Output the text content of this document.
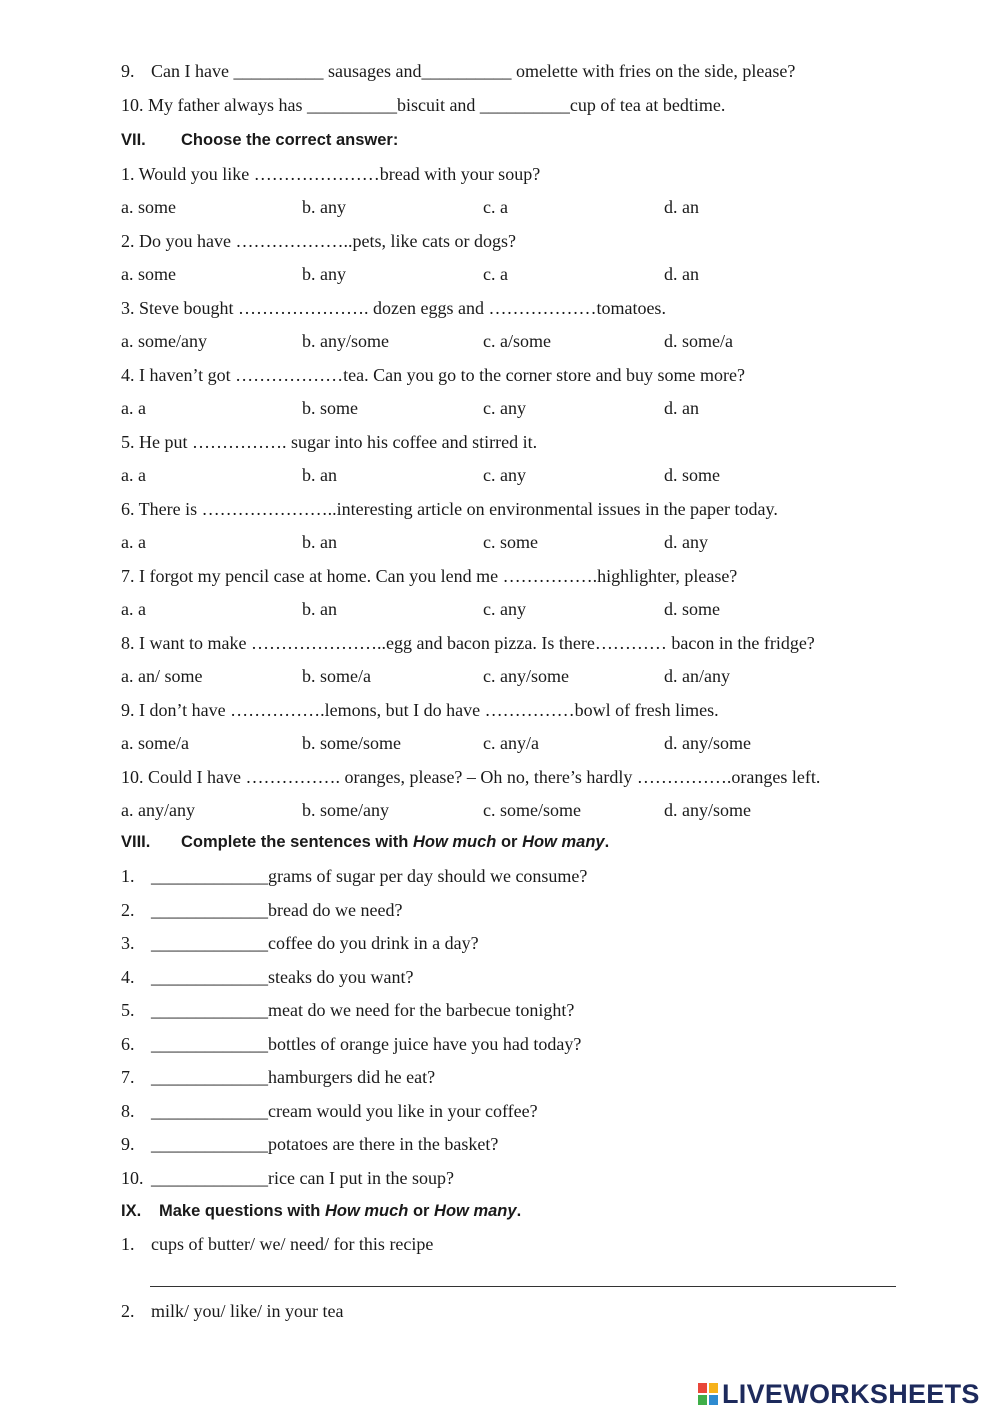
9. Can I have __________ sausages and__________ omelette with fries on the side, please?
10. My father always has __________biscuit and __________cup of tea at bedtime.
VII. Choose the correct answer:
1. Would you like …………………bread with your soup?
a. some	b. any	c. a	d. an
2. Do you have ………………..pets, like cats or dogs?
a. some	b. any	c. a	d. an
3. Steve bought …………………. dozen eggs and ………………tomatoes.
a. some/any	b. any/some	c. a/some	d. some/a
4. I haven’t got ………………tea. Can you go to the corner store and buy some more?
a. a	b. some	c. any	d. an
5. He put ……………. sugar into his coffee and stirred it.
a. a	b. an	c. any	d. some
6. There is …………………..interesting article on environmental issues in the paper today.
a. a	b. an	c. some	d. any
7. I forgot my pencil case at home. Can you lend me …………….highlighter, please?
a. a	b. an	c. any	d. some
8. I want to make …………………..egg and bacon pizza. Is there………… bacon in the fridge?
a. an/ some	b. some/a	c. any/some	d. an/any
9. I don’t have …………….lemons, but I do have ……………bowl of fresh limes.
a. some/a	b. some/some	c. any/a	d. any/some
10. Could I have ……………. oranges, please? – Oh no, there’s hardly …………….oranges left.
a. any/any	b. some/any	c. some/some	d. any/some
VIII. Complete the sentences with How much or How many.
1. _____________grams of sugar per day should we consume?
2. _____________bread do we need?
3. _____________coffee do you drink in a day?
4. _____________steaks do you want?
5. _____________meat do we need for the barbecue tonight?
6. _____________bottles of orange juice have you had today?
7. _____________hamburgers did he eat?
8. _____________cream would you like in your coffee?
9. _____________potatoes are there in the basket?
10. _____________rice can I put in the soup?
IX. Make questions with How much or How many.
1. cups of butter/ we/ need/ for this recipe
2. milk/ you/ like/ in your tea
LIVEWORKSHEETS
